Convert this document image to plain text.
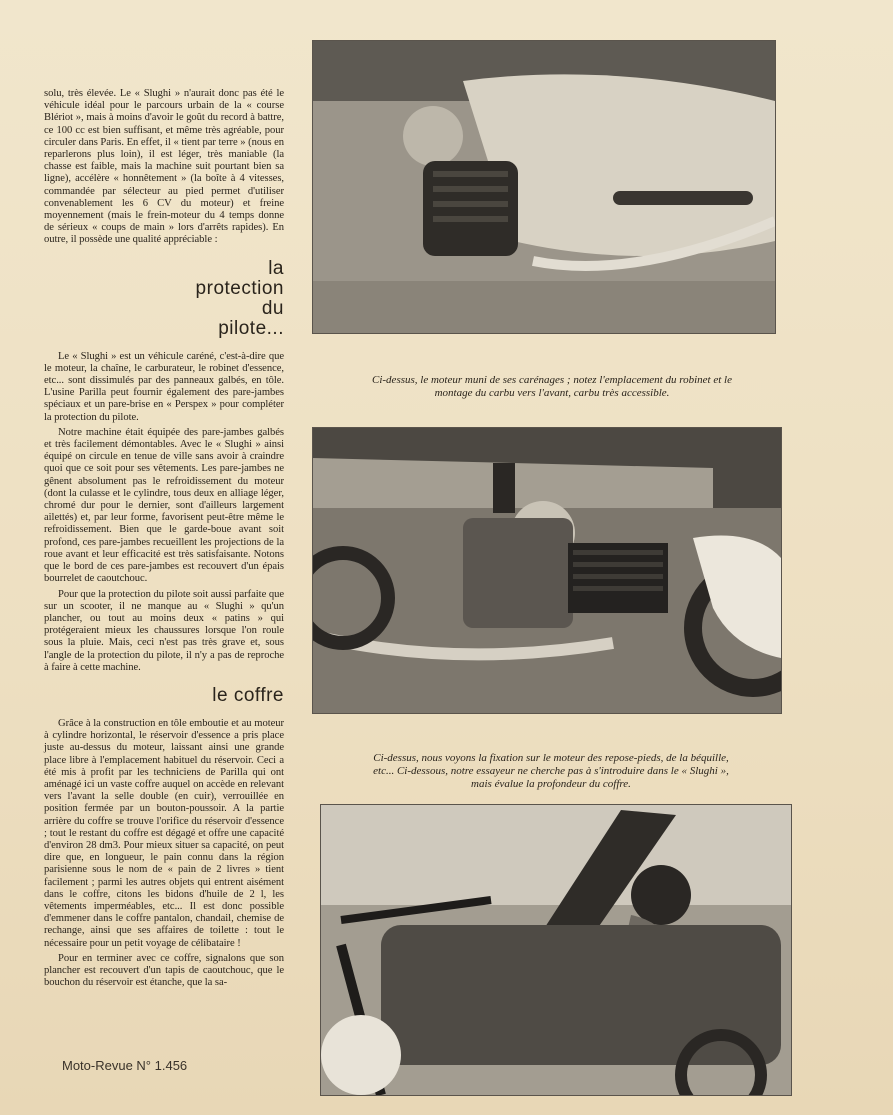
solu, très élevée. Le « Slughi » n'aurait donc pas été le véhicule idéal pour le parcours urbain de la « course Blériot », mais à moins d'avoir le goût du record à battre, ce 100 cc est bien suffisant, et même très agréable, pour circuler dans Paris. En effet, il « tient par terre » (nous en reparlerons plus loin), il est léger, très maniable (la chasse est faible, mais la machine suit pourtant bien sa ligne), accélère « honnêtement » (la boîte à 4 vitesses, commandée par sélecteur au pied permet d'utiliser convenablement les 6 CV du moteur) et freine moyennement (mais le frein-moteur du 4 temps donne de sérieux « coups de main » lors d'arrêts rapides). En outre, il possède une qualité appréciable :

la

protection

du

pilote...

Le « Slughi » est un véhicule caréné, c'est-à-dire que le moteur, la chaîne, le carburateur, le robinet d'essence, etc... sont dissimulés par des panneaux galbés, en tôle. L'usine Parilla peut fournir également des pare-jambes spéciaux et un pare-brise en « Perspex » pour compléter la protection du pilote.

Notre machine était équipée des pare-jambes galbés et très facilement démontables. Avec le « Slughi » ainsi équipé on circule en tenue de ville sans avoir à craindre quoi que ce soit pour ses vêtements. Les pare-jambes ne gênent absolument pas le refroidissement du moteur (dont la culasse et le cylindre, tous deux en alliage léger, chromé dur pour le dernier, sont d'ailleurs largement ailettés) et, par leur forme, favorisent peut-être même le refroidissement. Bien que le garde-boue avant soit profond, ces pare-jambes recueillent les projections de la roue avant et leur efficacité est très satisfaisante. Notons que le bord de ces pare-jambes est recouvert d'un épais bourrelet de caoutchouc.

Pour que la protection du pilote soit aussi parfaite que sur un scooter, il ne manque au « Slughi » qu'un plancher, ou tout au moins deux « patins » qui protégeraient mieux les chaussures lorsque l'on roule sous la pluie. Mais, ceci n'est pas très grave et, sous l'angle de la protection du pilote, il n'y a pas de reproche à faire à cette machine.

le coffre

Grâce à la construction en tôle emboutie et au moteur à cylindre horizontal, le réservoir d'essence a pris place juste au-dessus du moteur, laissant ainsi une grande place libre à l'emplacement habituel du réservoir. Ceci a été mis à profit par les techniciens de Parilla qui ont aménagé ici un vaste coffre auquel on accède en relevant vers l'avant la selle double (en cuir), verrouillée en position fermée par un bouton-poussoir. A la partie arrière du coffre se trouve l'orifice du réservoir d'essence ; tout le restant du coffre est dégagé et offre une capacité d'environ 28 dm3. Pour mieux situer sa capacité, on peut dire que, en longueur, le pain connu dans la région parisienne sous le nom de « pain de 2 livres » tient facilement ; parmi les autres objets qui entrent aisément dans le coffre, citons les bidons d'huile de 2 l, les vêtements imperméables, etc... Il est donc possible d'emmener dans le coffre pantalon, chandail, chemise de rechange, ainsi que ses affaires de toilette : tout le nécessaire pour un petit voyage de célibataire !

Pour en terminer avec ce coffre, signalons que son plancher est recouvert d'un tapis de caoutchouc, que le bouchon du réservoir est étanche, que la sa-

Ci-dessus, le moteur muni de ses carénages ; notez l'emplacement du robinet et le montage du carbu vers l'avant, carbu très accessible.

Ci-dessus, nous voyons la fixation sur le moteur des repose-pieds, de la béquille, etc... Ci-dessous, notre essayeur ne cherche pas à s'introduire dans le « Slughi », mais évalue la profondeur du coffre.

Moto-Revue N° 1.456
